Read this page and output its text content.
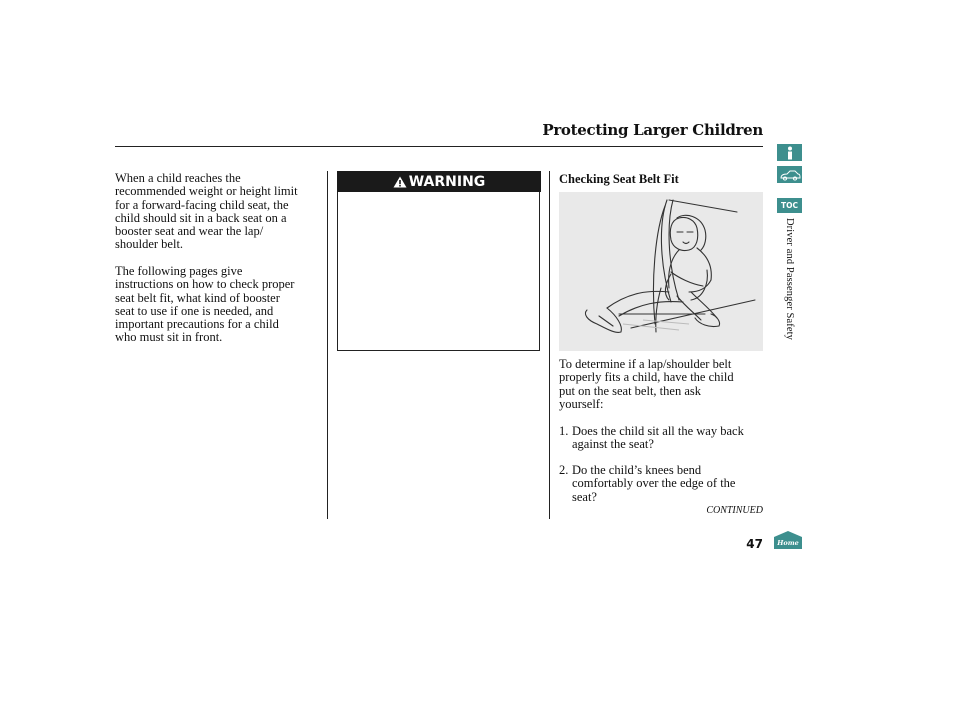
Protecting Larger Children
When a child reaches the
recommended weight or height limit
for a forward-facing child seat, the
child should sit in a back seat on a
booster seat and wear the lap/
shoulder belt.
The following pages give
instructions on how to check proper
seat belt fit, what kind of booster
seat to use if one is needed, and
important precautions for a child
who must sit in front.
WARNING	Checking Seat Belt Fit
To determine if a lap/shoulder belt
properly fits a child, have the child
put on the seat belt, then ask
yourself:
1. Does the child sit all the way back
against the seat?
2. Do the child’s knees bend
comfortably over the edge of the
seat?
CONTINUED
47
TOC
Driver and Passenger Safety
Home
